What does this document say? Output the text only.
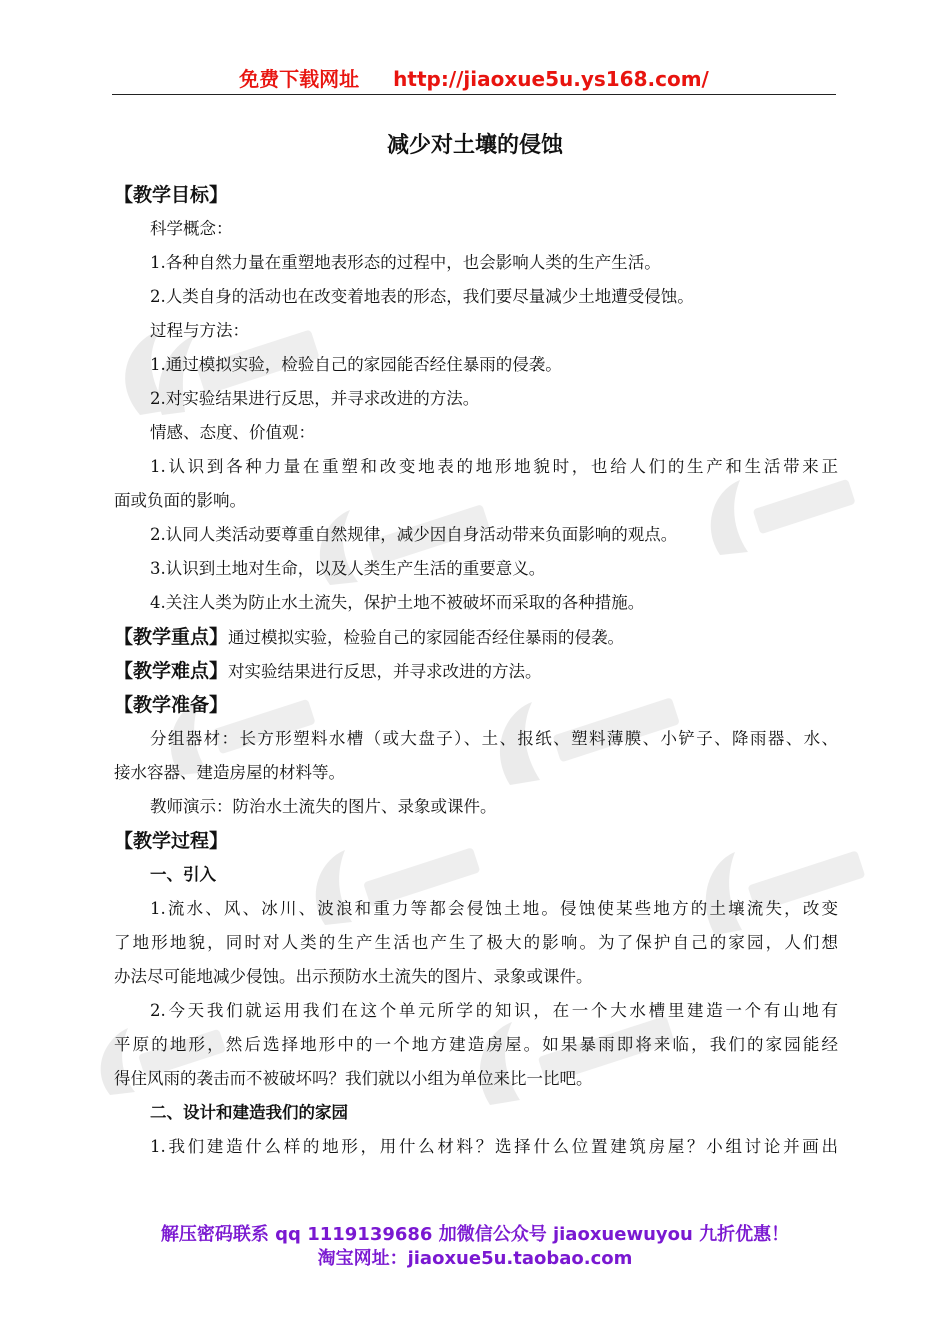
免费下载网址 http://jiaoxue5u.ys168.com/
减少对土壤的侵蚀
【教学目标】
科学概念：
1.各种自然力量在重塑地表形态的过程中，也会影响人类的生产生活。
2.人类自身的活动也在改变着地表的形态，我们要尽量减少土地遭受侵蚀。
过程与方法：
1.通过模拟实验，检验自己的家园能否经住暴雨的侵袭。
2.对实验结果进行反思，并寻求改进的方法。
情感、态度、价值观：
1.认识到各种力量在重塑和改变地表的地形地貌时，也给人们的生产和生活带来正
面或负面的影响。
2.认同人类活动要尊重自然规律，减少因自身活动带来负面影响的观点。
3.认识到土地对生命，以及人类生产生活的重要意义。
4.关注人类为防止水土流失，保护土地不被破坏而采取的各种措施。
【教学重点】通过模拟实验，检验自己的家园能否经住暴雨的侵袭。
【教学难点】对实验结果进行反思，并寻求改进的方法。
【教学准备】
分组器材：长方形塑料水槽（或大盘子）、土、报纸、塑料薄膜、小铲子、降雨器、水、
接水容器、建造房屋的材料等。
教师演示：防治水土流失的图片、录象或课件。
【教学过程】
一、引入
1.流水、风、冰川、波浪和重力等都会侵蚀土地。侵蚀使某些地方的土壤流失，改变
了地形地貌，同时对人类的生产生活也产生了极大的影响。为了保护自己的家园，人们想
办法尽可能地减少侵蚀。出示预防水土流失的图片、录象或课件。
2.今天我们就运用我们在这个单元所学的知识，在一个大水槽里建造一个有山地有
平原的地形，然后选择地形中的一个地方建造房屋。如果暴雨即将来临，我们的家园能经
得住风雨的袭击而不被破坏吗？我们就以小组为单位来比一比吧。
二、设计和建造我们的家园
1.我们建造什么样的地形，用什么材料？选择什么位置建筑房屋？小组讨论并画出
解压密码联系 qq 1119139686 加微信公众号 jiaoxuewuyou 九折优惠！
淘宝网址：jiaoxue5u.taobao.com
